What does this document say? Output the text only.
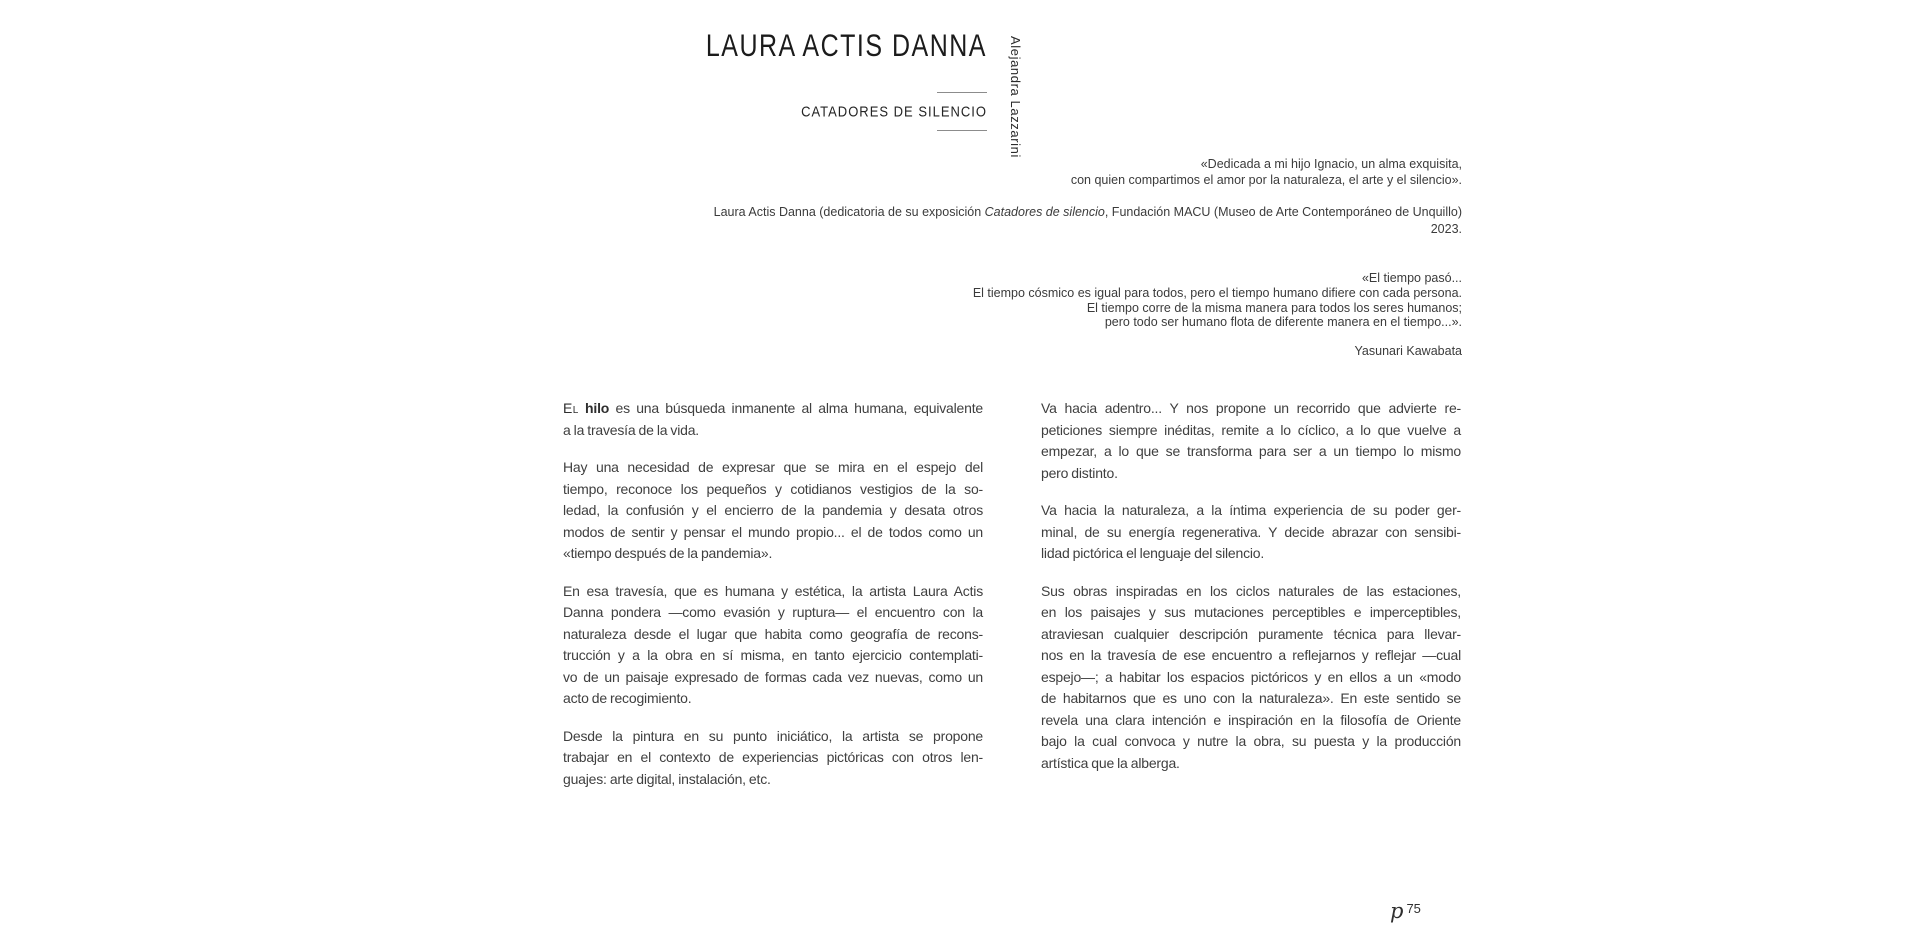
LAURA ACTIS DANNA
CATADORES DE SILENCIO Alejandra Lazzarini
«Dedicada a mi hijo Ignacio, un alma exquisita,
con quien compartimos el amor por la naturaleza, el arte y el silencio».
Laura Actis Danna (dedicatoria de su exposición Catadores de silencio, Fundación MACU (Museo de Arte Contemporáneo de Unquillo) 2023.
«El tiempo pasó...
El tiempo cósmico es igual para todos, pero el tiempo humano difiere con cada persona.
El tiempo corre de la misma manera para todos los seres humanos;
pero todo ser humano flota de diferente manera en el tiempo...».
Yasunari Kawabata
El hilo es una búsqueda inmanente al alma humana, equivalente
a la travesía de la vida.
Hay una necesidad de expresar que se mira en el espejo del
tiempo, reconoce los pequeños y cotidianos vestigios de la so-
ledad, la confusión y el encierro de la pandemia y desata otros
modos de sentir y pensar el mundo propio... el de todos como un
«tiempo después de la pandemia».
En esa travesía, que es humana y estética, la artista Laura Actis
Danna pondera —como evasión y ruptura— el encuentro con la
naturaleza desde el lugar que habita como geografía de recons-
trucción y a la obra en sí misma, en tanto ejercicio contemplati-
vo de un paisaje expresado de formas cada vez nuevas, como un
acto de recogimiento.
Desde la pintura en su punto iniciático, la artista se propone
trabajar en el contexto de experiencias pictóricas con otros len-
guajes: arte digital, instalación, etc.
Va hacia adentro... Y nos propone un recorrido que advierte re-
peticiones siempre inéditas, remite a lo cíclico, a lo que vuelve a
empezar, a lo que se transforma para ser a un tiempo lo mismo
pero distinto.
Va hacia la naturaleza, a la íntima experiencia de su poder ger-
minal, de su energía regenerativa. Y decide abrazar con sensibi-
lidad pictórica el lenguaje del silencio.
Sus obras inspiradas en los ciclos naturales de las estaciones,
en los paisajes y sus mutaciones perceptibles e imperceptibles,
atraviesan cualquier descripción puramente técnica para llevar-
nos en la travesía de ese encuentro a reflejarnos y reflejar —cual
espejo—; a habitar los espacios pictóricos y en ellos a un «modo
de habitarnos que es uno con la naturaleza». En este sentido se
revela una clara intención e inspiración en la filosofía de Oriente
bajo la cual convoca y nutre la obra, su puesta y la producción
artística que la alberga.
p $^{75}$
